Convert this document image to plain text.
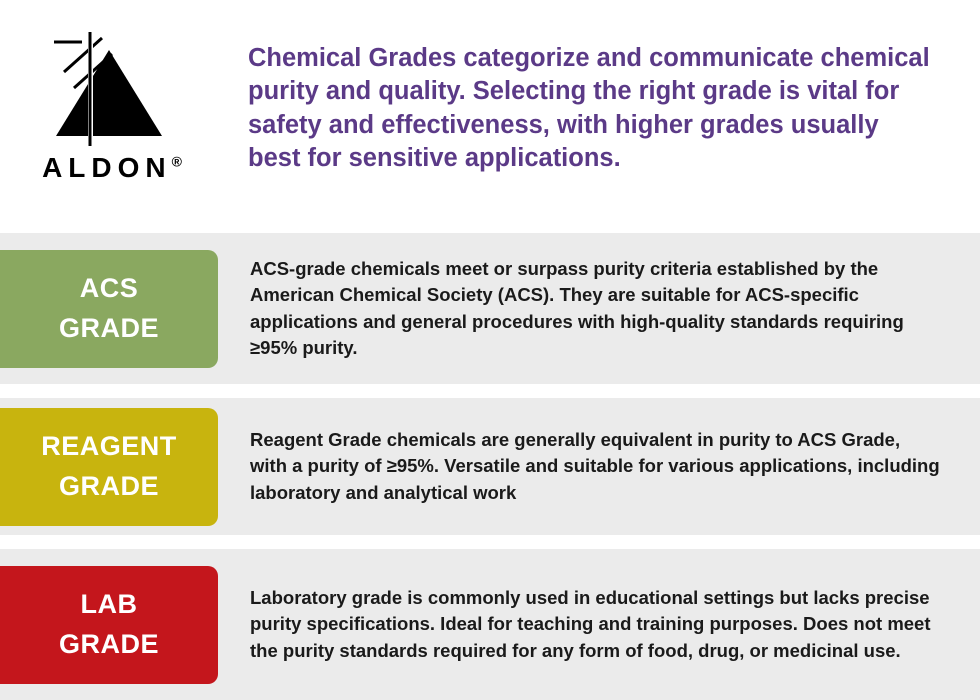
ALDON®

Chemical Grades categorize and communicate chemical purity and quality. Selecting the right grade is vital for safety and effectiveness, with higher grades usually best for sensitive applications.

ACS
GRADE

ACS-grade chemicals meet or surpass purity criteria established by the American Chemical Society (ACS). They are suitable for ACS-specific applications and general procedures with high-quality standards requiring ≥95% purity.

REAGENT
GRADE

Reagent Grade chemicals are generally equivalent in purity to ACS Grade, with a purity of ≥95%. Versatile and suitable for various applications, including laboratory and analytical work

LAB
GRADE

Laboratory grade is commonly used in educational settings but lacks precise purity specifications. Ideal for teaching and training purposes. Does not meet the purity standards required for any form of food, drug, or medicinal use.
